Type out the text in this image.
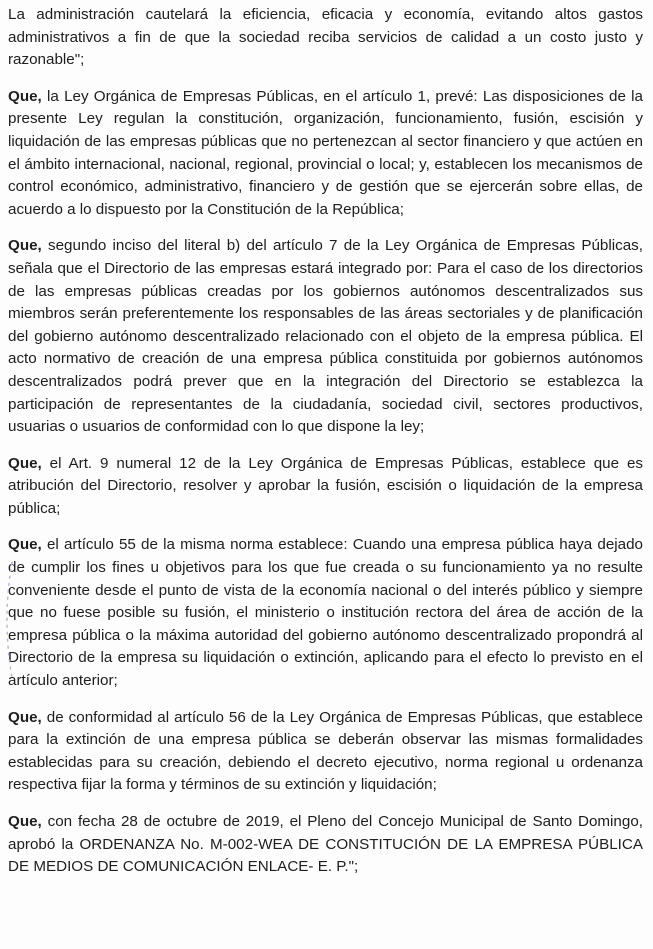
La administración cautelará la eficiencia, eficacia y economía, evitando altos gastos administrativos a fin de que la sociedad reciba servicios de calidad a un costo justo y razonable";

Que, la Ley Orgánica de Empresas Públicas, en el artículo 1, prevé: Las disposiciones de la presente Ley regulan la constitución, organización, funcionamiento, fusión, escisión y liquidación de las empresas públicas que no pertenezcan al sector financiero y que actúen en el ámbito internacional, nacional, regional, provincial o local; y, establecen los mecanismos de control económico, administrativo, financiero y de gestión que se ejercerán sobre ellas, de acuerdo a lo dispuesto por la Constitución de la República;

Que, segundo inciso del literal b) del artículo 7 de la Ley Orgánica de Empresas Públicas, señala que el Directorio de las empresas estará integrado por: Para el caso de los directorios de las empresas públicas creadas por los gobiernos autónomos descentralizados sus miembros serán preferentemente los responsables de las áreas sectoriales y de planificación del gobierno autónomo descentralizado relacionado con el objeto de la empresa pública. El acto normativo de creación de una empresa pública constituida por gobiernos autónomos descentralizados podrá prever que en la integración del Directorio se establezca la participación de representantes de la ciudadanía, sociedad civil, sectores productivos, usuarias o usuarios de conformidad con lo que dispone la ley;

Que, el Art. 9 numeral 12 de la Ley Orgánica de Empresas Públicas, establece que es atribución del Directorio, resolver y aprobar la fusión, escisión o liquidación de la empresa pública;

Que, el artículo 55 de la misma norma establece: Cuando una empresa pública haya dejado de cumplir los fines u objetivos para los que fue creada o su funcionamiento ya no resulte conveniente desde el punto de vista de la economía nacional o del interés público y siempre que no fuese posible su fusión, el ministerio o institución rectora del área de acción de la empresa pública o la máxima autoridad del gobierno autónomo descentralizado propondrá al Directorio de la empresa su liquidación o extinción, aplicando para el efecto lo previsto en el artículo anterior;

Que, de conformidad al artículo 56 de la Ley Orgánica de Empresas Públicas, que establece para la extinción de una empresa pública se deberán observar las mismas formalidades establecidas para su creación, debiendo el decreto ejecutivo, norma regional u ordenanza respectiva fijar la forma y términos de su extinción y liquidación;

Que, con fecha 28 de octubre de 2019, el Pleno del Concejo Municipal de Santo Domingo, aprobó la ORDENANZA No. M-002-WEA DE CONSTITUCIÓN DE LA EMPRESA PÚBLICA DE MEDIOS DE COMUNICACIÓN ENLACE- E. P.";
